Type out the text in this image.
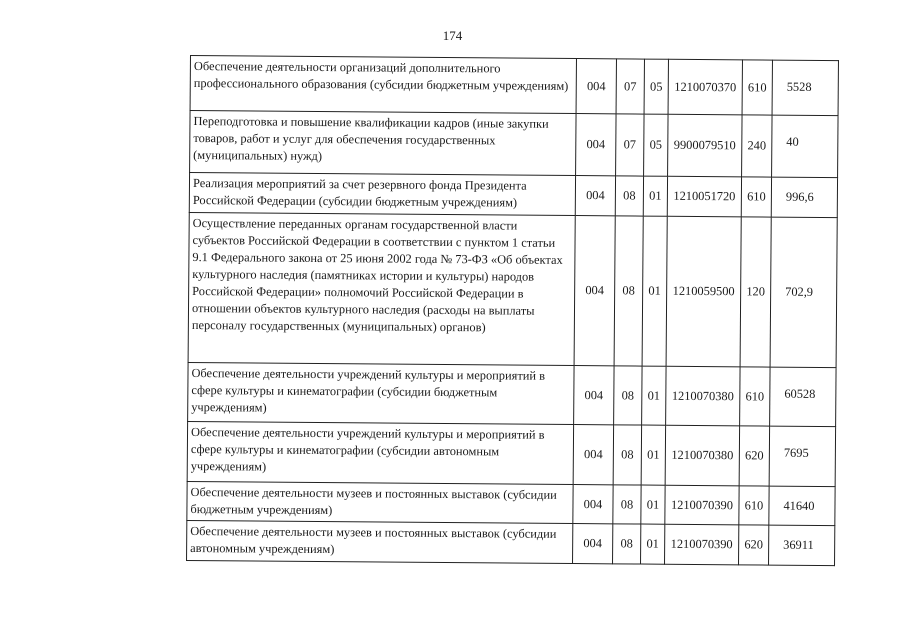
174
Обеспечение деятельности организаций дополнительного профессионального образования (субсидии бюджетным учреждениям)	004	07	05	1210070370	610	5528
Переподготовка и повышение квалификации кадров (иные закупки товаров, работ и услуг для обеспечения государственных (муниципальных) нужд)	004	07	05	9900079510	240	40
Реализация мероприятий за счет резервного фонда Президента Российской Федерации (субсидии бюджетным учреждениям)	004	08	01	1210051720	610	996,6
Осуществление переданных органам государственной власти субъектов Российской Федерации в соответствии с пунктом 1 статьи 9.1 Федерального закона от 25 июня 2002 года № 73-ФЗ «Об объектах культурного наследия (памятниках истории и культуры) народов Российской Федерации» полномочий Российской Федерации в отношении объектов культурного наследия (расходы на выплаты персоналу государственных (муниципальных) органов)	004	08	01	1210059500	120	702,9
Обеспечение деятельности учреждений культуры и мероприятий в сфере культуры и кинематографии (субсидии бюджетным учреждениям)	004	08	01	1210070380	610	60528
Обеспечение деятельности учреждений культуры и мероприятий в сфере культуры и кинематографии (субсидии автономным учреждениям)	004	08	01	1210070380	620	7695
Обеспечение деятельности музеев и постоянных выставок (субсидии бюджетным учреждениям)	004	08	01	1210070390	610	41640
Обеспечение деятельности музеев и постоянных выставок (субсидии автономным учреждениям)	004	08	01	1210070390	620	36911
